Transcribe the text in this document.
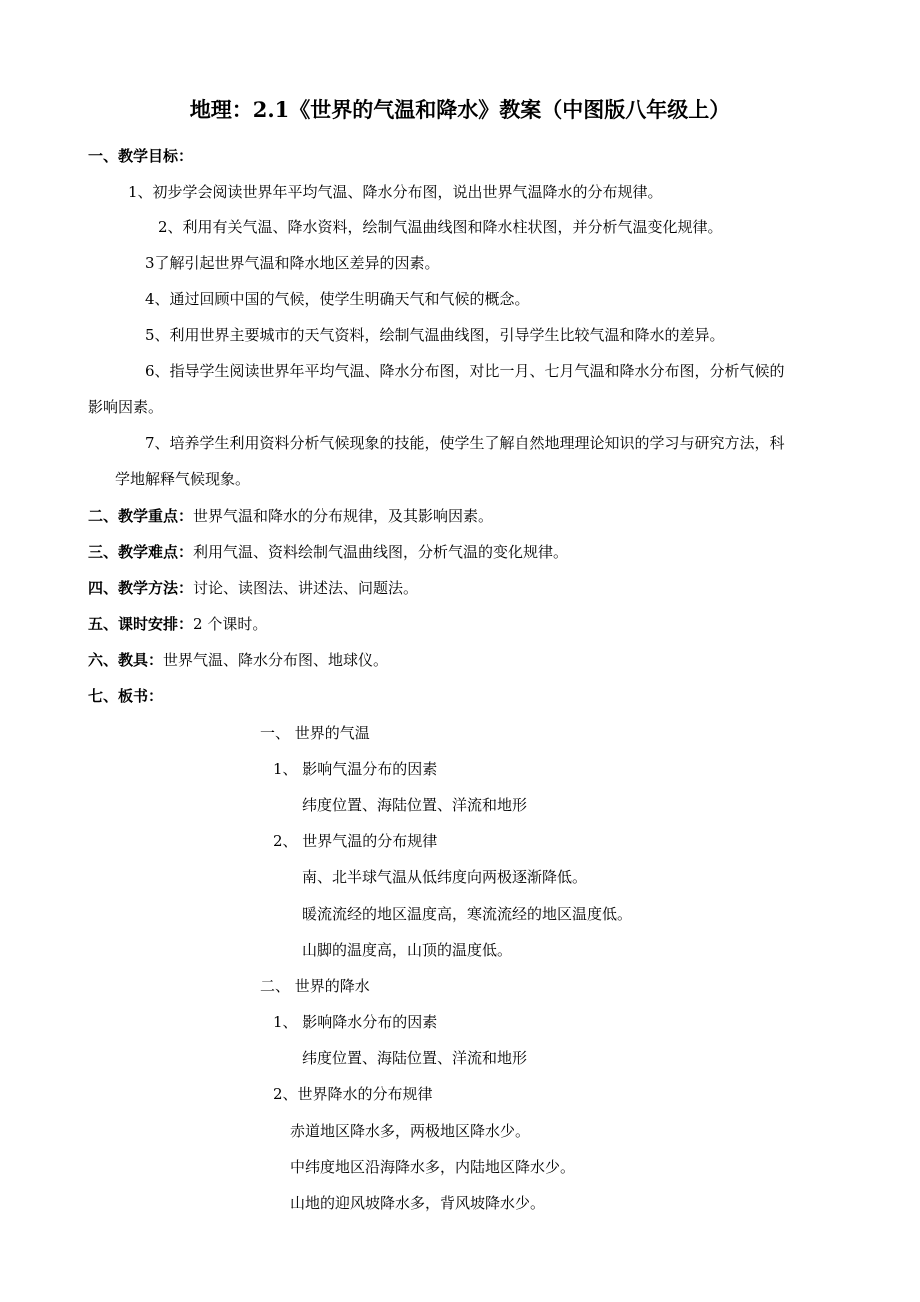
地理：2.1《世界的气温和降水》教案（中图版八年级上）
一、教学目标：
1、初步学会阅读世界年平均气温、降水分布图，说出世界气温降水的分布规律。
2、利用有关气温、降水资料，绘制气温曲线图和降水柱状图，并分析气温变化规律。
3了解引起世界气温和降水地区差异的因素。
4、通过回顾中国的气候，使学生明确天气和气候的概念。
5、利用世界主要城市的天气资料，绘制气温曲线图，引导学生比较气温和降水的差异。
6、指导学生阅读世界年平均气温、降水分布图，对比一月、七月气温和降水分布图，分析气候的
影响因素。
7、培养学生利用资料分析气候现象的技能，使学生了解自然地理理论知识的学习与研究方法，科
学地解释气候现象。
二、教学重点：世界气温和降水的分布规律，及其影响因素。
三、教学难点：利用气温、资料绘制气温曲线图，分析气温的变化规律。
四、教学方法：讨论、读图法、讲述法、问题法。
五、课时安排：2 个课时。
六、教具：世界气温、降水分布图、地球仪。
七、板书：
一、 世界的气温
1、 影响气温分布的因素
纬度位置、海陆位置、洋流和地形
2、 世界气温的分布规律
南、北半球气温从低纬度向两极逐渐降低。
暖流流经的地区温度高，寒流流经的地区温度低。
山脚的温度高，山顶的温度低。
二、 世界的降水
1、 影响降水分布的因素
纬度位置、海陆位置、洋流和地形
2、世界降水的分布规律
赤道地区降水多，两极地区降水少。
中纬度地区沿海降水多，内陆地区降水少。
山地的迎风坡降水多，背风坡降水少。
